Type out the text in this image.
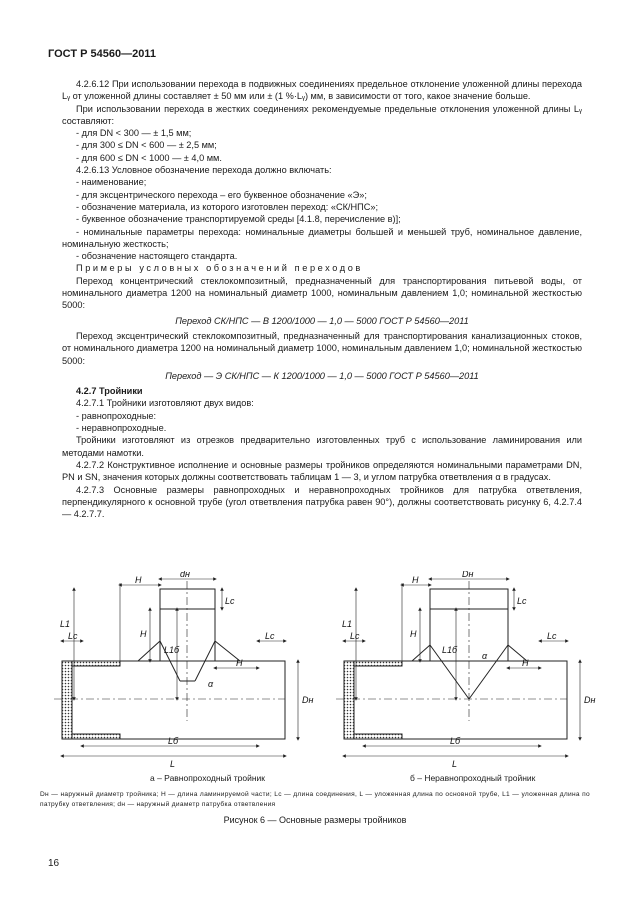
ГОСТ Р 54560—2011

4.2.6.12 При использовании перехода в подвижных соединениях предельное отклонение уложенной длины перехода Lᵧ от уложенной длины составляет ± 50 мм или ± (1 %·Lᵧ) мм, в зависимости от того, какое значение больше.

При использовании перехода в жестких соединениях рекомендуемые предельные отклонения уложенной длины Lᵧ составляют:

- для DN < 300 — ± 1,5 мм;

- для 300 ≤ DN < 600 — ± 2,5 мм;

- для 600 ≤ DN < 1000 — ± 4,0 мм.

4.2.6.13 Условное обозначение перехода должно включать:

- наименование;

- для эксцентрического перехода – его буквенное обозначение «Э»;

- обозначение материала, из которого изготовлен переход: «СК/НПС»;

- буквенное обозначение транспортируемой среды [4.1.8, перечисление в)];

- номинальные параметры перехода: номинальные диаметры большей и меньшей труб, номинальное давление, номинальную жесткость;

- обозначение настоящего стандарта.

Примеры условных обозначений переходов

Переход концентрический стеклокомпозитный, предназначенный для транспортирования питьевой воды, от номинального диаметра 1200 на номинальный диаметр 1000, номинальным давлением 1,0; номинальной жесткостью 5000:

Переход СК/НПС — В 1200/1000 — 1,0 — 5000 ГОСТ Р 54560—2011

Переход эксцентрический стеклокомпозитный, предназначенный для транспортирования канализационных стоков, от номинального диаметра 1200 на номинальный диаметр 1000, номинальным давлением 1,0; номинальной жесткостью 5000:

Переход — Э СК/НПС — К 1200/1000 — 1,0 — 5000 ГОСТ Р 54560—2011

4.2.7 Тройники

4.2.7.1 Тройники изготовляют двух видов:

- равнопроходные:

- неравнопроходные.

Тройники изготовляют из отрезков предварительно изготовленных труб с использование ламинирования или методами намотки.

4.2.7.2 Конструктивное исполнение и основные размеры тройников определяются номинальными параметрами DN, PN и SN, значения которых должны соответствовать таблицам 1 — 3, и углом патрубка ответвления α в градусах.

4.2.7.3 Основные размеры равнопроходных и неравнопроходных тройников для патрубка ответвления, перпендикулярного к основной трубе (угол ответвления патрубка равен 90°), должны соответствовать рисунку 6, 4.2.7.4 — 4.2.7.7.

H
dн
Lc
H
L1б
H
α
Lc	Lc
Dн
L1
Lб
L
H
Dн
Lc
H
L1б
H
α
Lc	Lc
Dн
L1
Lб
L
а – Равнопроходный тройник	б – Неравнопроходный тройник
Dн — наружный диаметр тройника; H — длина ламинируемой части; Lc — длина соединения, L — уложенная длина по основной трубе, L1 — уложенная длина по патрубку ответвления; dн — наружный диаметр патрубка ответвления
Рисунок 6 — Основные размеры тройников
16
